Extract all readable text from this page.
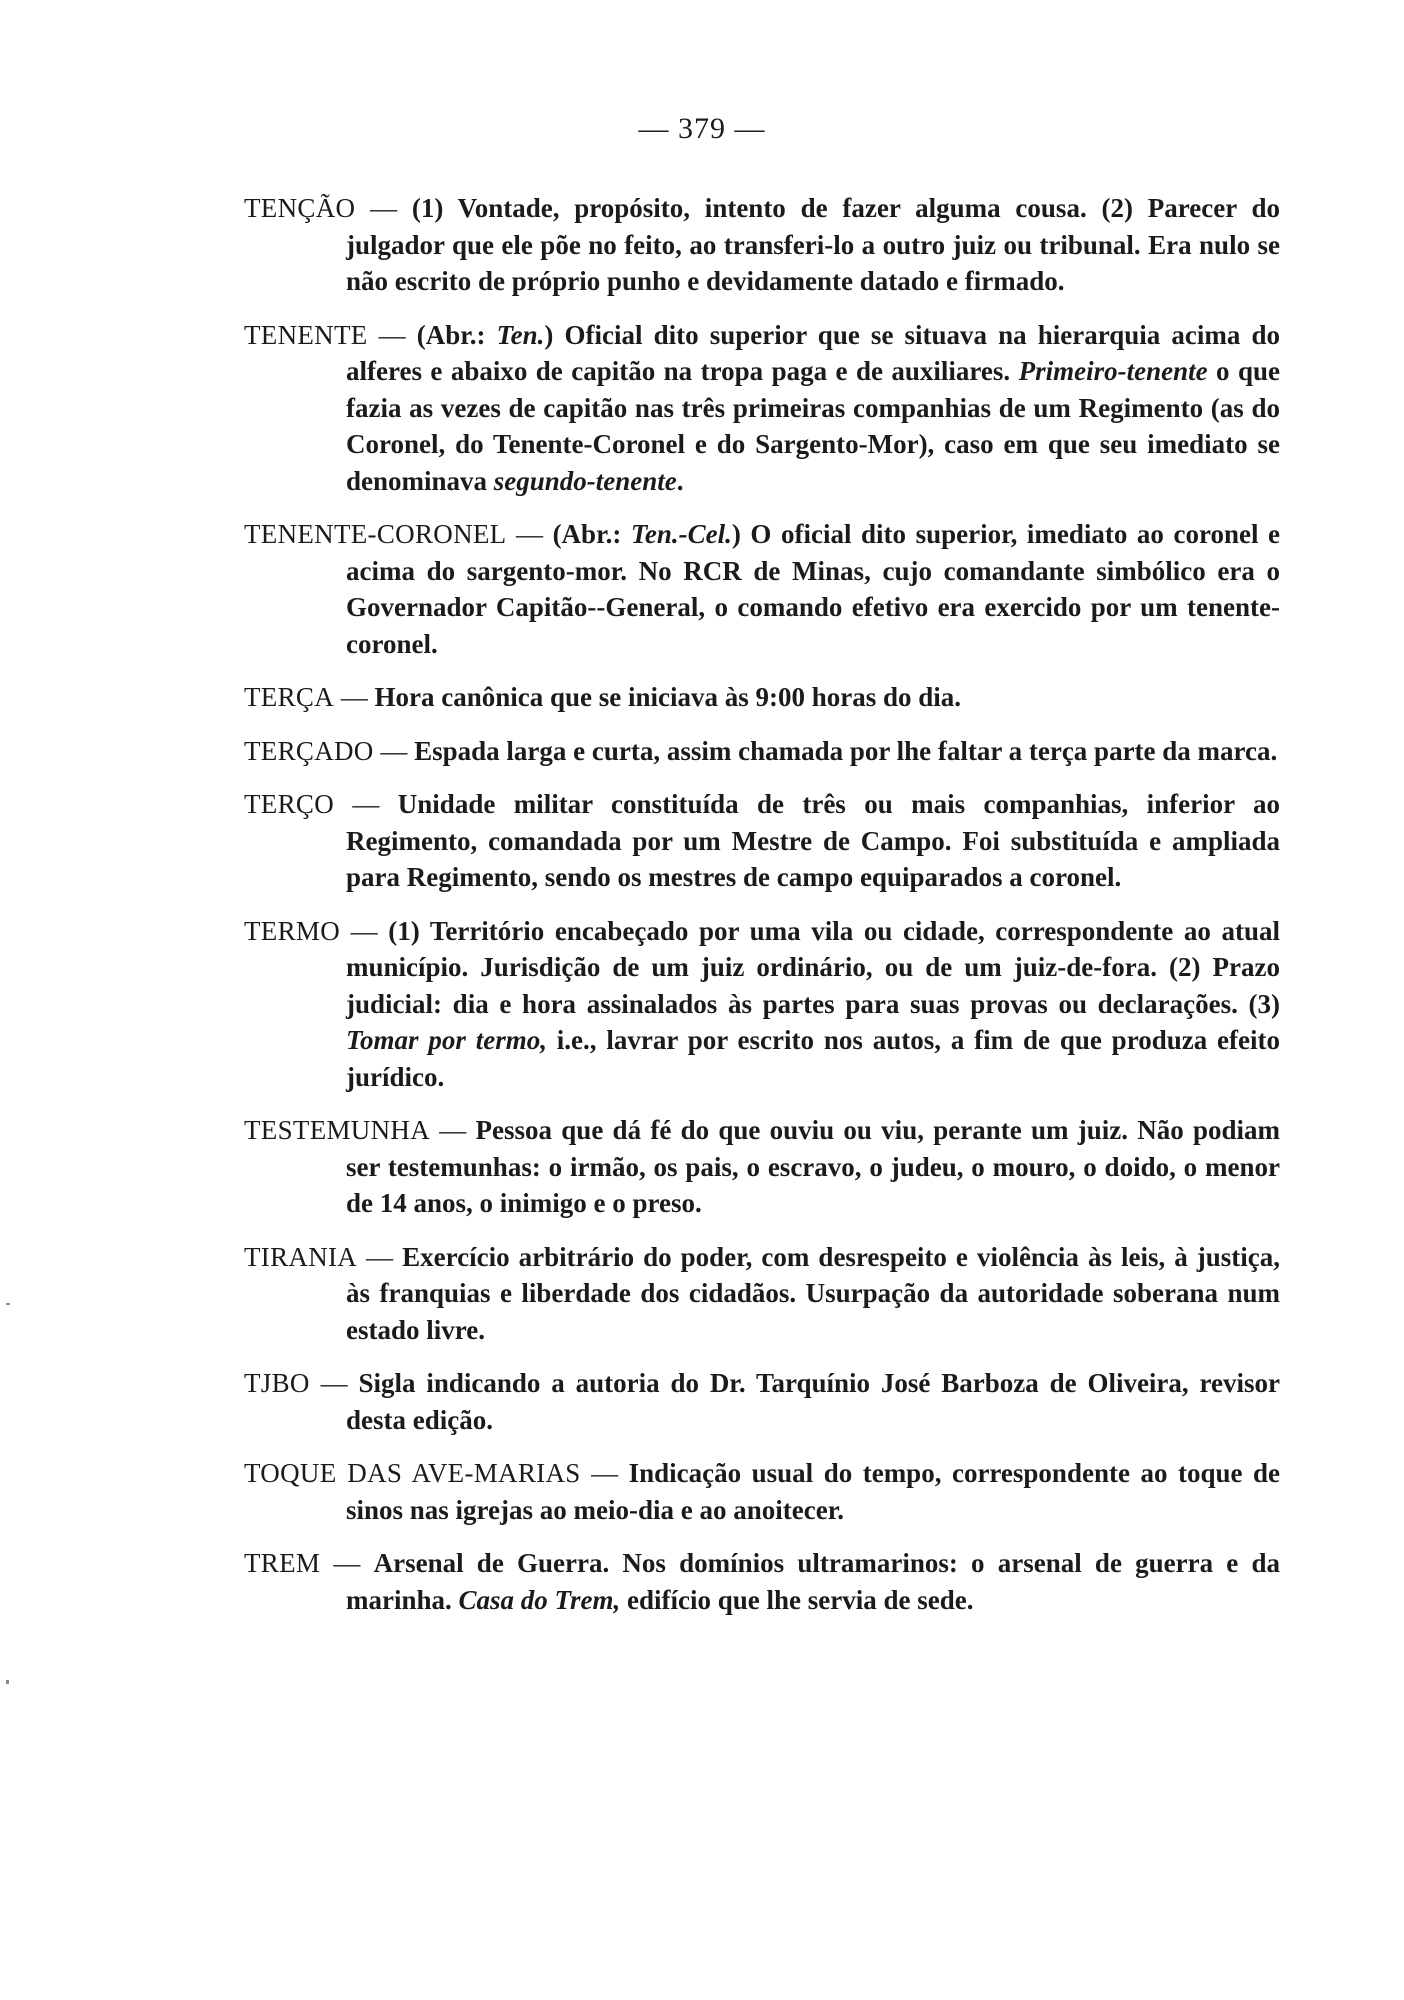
— 379 —

TENÇÃO — (1) Vontade, propósito, intento de fazer alguma cousa. (2) Parecer do julgador que ele põe no feito, ao transferi-lo a outro juiz ou tribunal. Era nulo se não escrito de próprio punho e devidamente datado e firmado.

TENENTE — (Abr.: Ten.) Oficial dito superior que se situava na hierarquia acima do alferes e abaixo de capitão na tropa paga e de auxiliares. Primeiro-tenente o que fazia as vezes de capitão nas três primeiras companhias de um Regimento (as do Coronel, do Tenente-Coronel e do Sargento-Mor), caso em que seu imediato se denominava segundo-tenente.

TENENTE-CORONEL — (Abr.: Ten.-Cel.) O oficial dito superior, imediato ao coronel e acima do sargento-mor. No RCR de Minas, cujo comandante simbólico era o Governador Capitão--General, o comando efetivo era exercido por um tenente-coronel.

TERÇA — Hora canônica que se iniciava às 9:00 horas do dia.

TERÇADO — Espada larga e curta, assim chamada por lhe faltar a terça parte da marca.

TERÇO — Unidade militar constituída de três ou mais companhias, inferior ao Regimento, comandada por um Mestre de Campo. Foi substituída e ampliada para Regimento, sendo os mestres de campo equiparados a coronel.

TERMO — (1) Território encabeçado por uma vila ou cidade, correspondente ao atual município. Jurisdição de um juiz ordinário, ou de um juiz-de-fora. (2) Prazo judicial: dia e hora assinalados às partes para suas provas ou declarações. (3) Tomar por termo, i.e., lavrar por escrito nos autos, a fim de que produza efeito jurídico.

TESTEMUNHA — Pessoa que dá fé do que ouviu ou viu, perante um juiz. Não podiam ser testemunhas: o irmão, os pais, o escravo, o judeu, o mouro, o doido, o menor de 14 anos, o inimigo e o preso.

TIRANIA — Exercício arbitrário do poder, com desrespeito e violência às leis, à justiça, às franquias e liberdade dos cidadãos. Usurpação da autoridade soberana num estado livre.

TJBO — Sigla indicando a autoria do Dr. Tarquínio José Barboza de Oliveira, revisor desta edição.

TOQUE DAS AVE-MARIAS — Indicação usual do tempo, correspondente ao toque de sinos nas igrejas ao meio-dia e ao anoitecer.

TREM — Arsenal de Guerra. Nos domínios ultramarinos: o arsenal de guerra e da marinha. Casa do Trem, edifício que lhe servia de sede.
